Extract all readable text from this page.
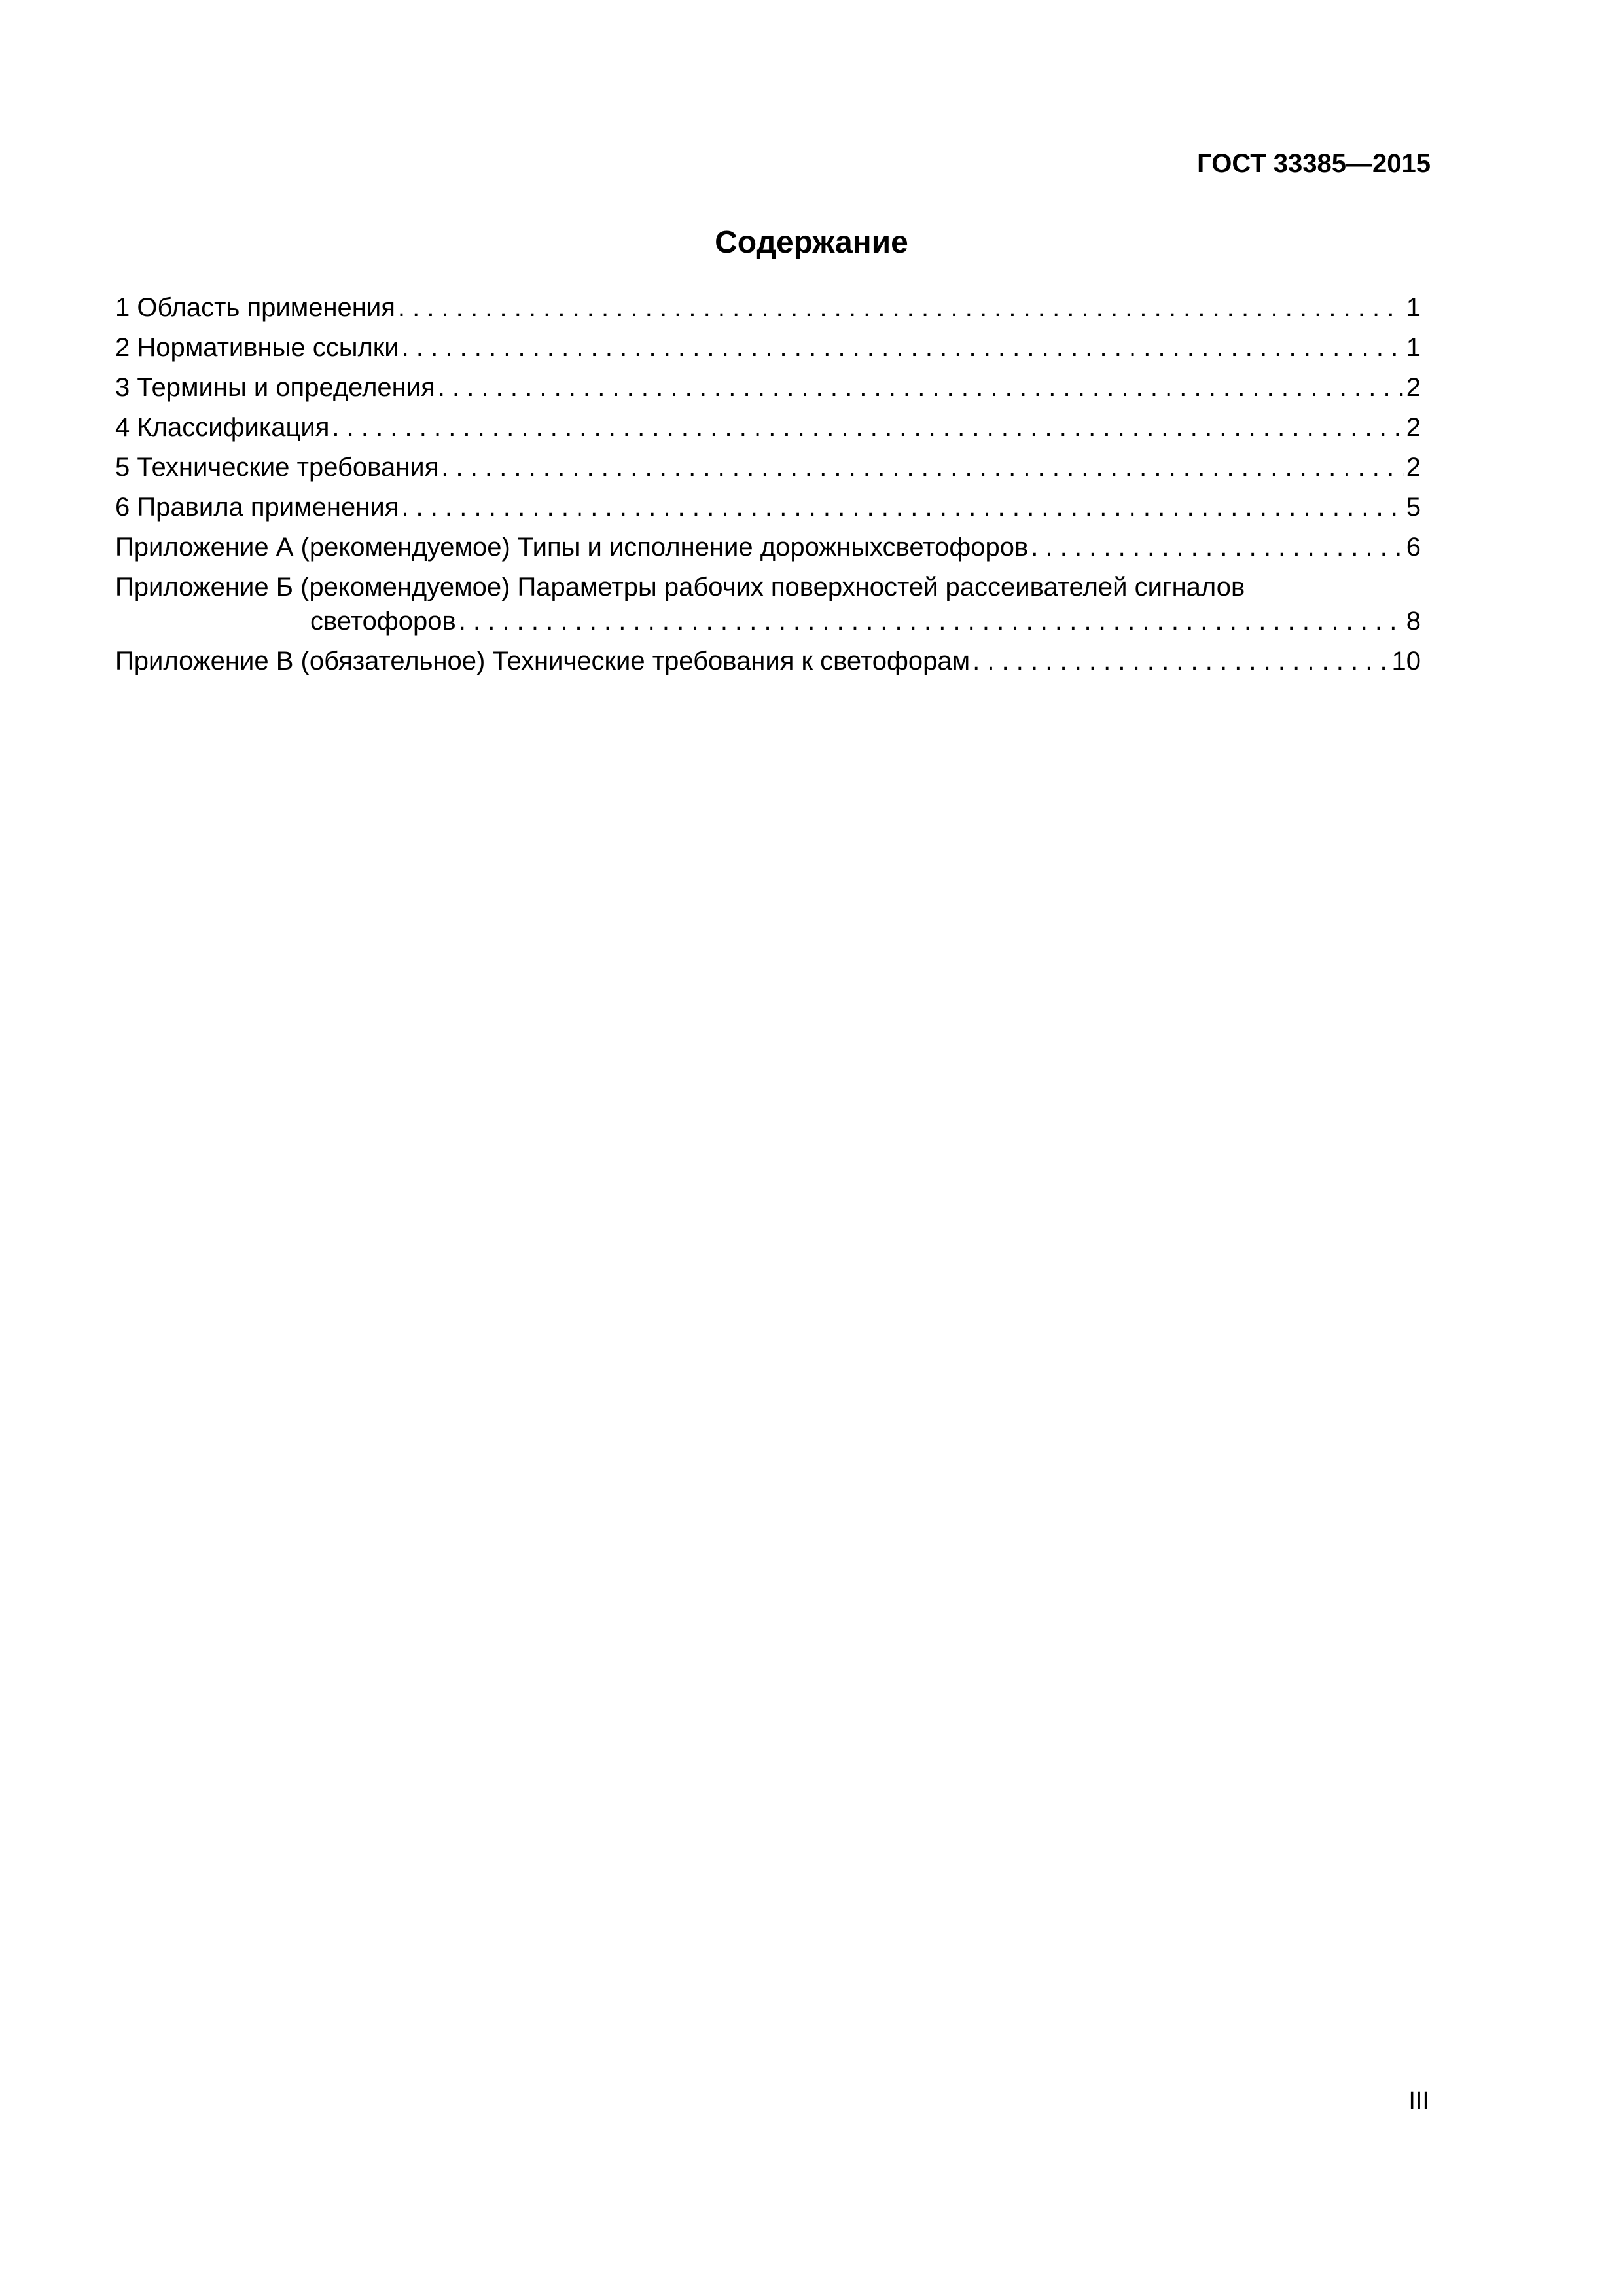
ГОСТ 33385—2015
Содержание
1 Область применения . . .	1
2 Нормативные ссылки . . .	1
3 Термины и определения . . .	2
4 Классификация . . .	2
5 Технические требования . . .	2
6 Правила применения . . .	5
Приложение А (рекомендуемое) Типы и исполнение дорожныхсветофоров . . .	6
Приложение Б (рекомендуемое) Параметры рабочих поверхностей рассеивателей сигналов
светофоров . . .	8
Приложение В (обязательное) Технические требования к светофорам . . .	10
III
